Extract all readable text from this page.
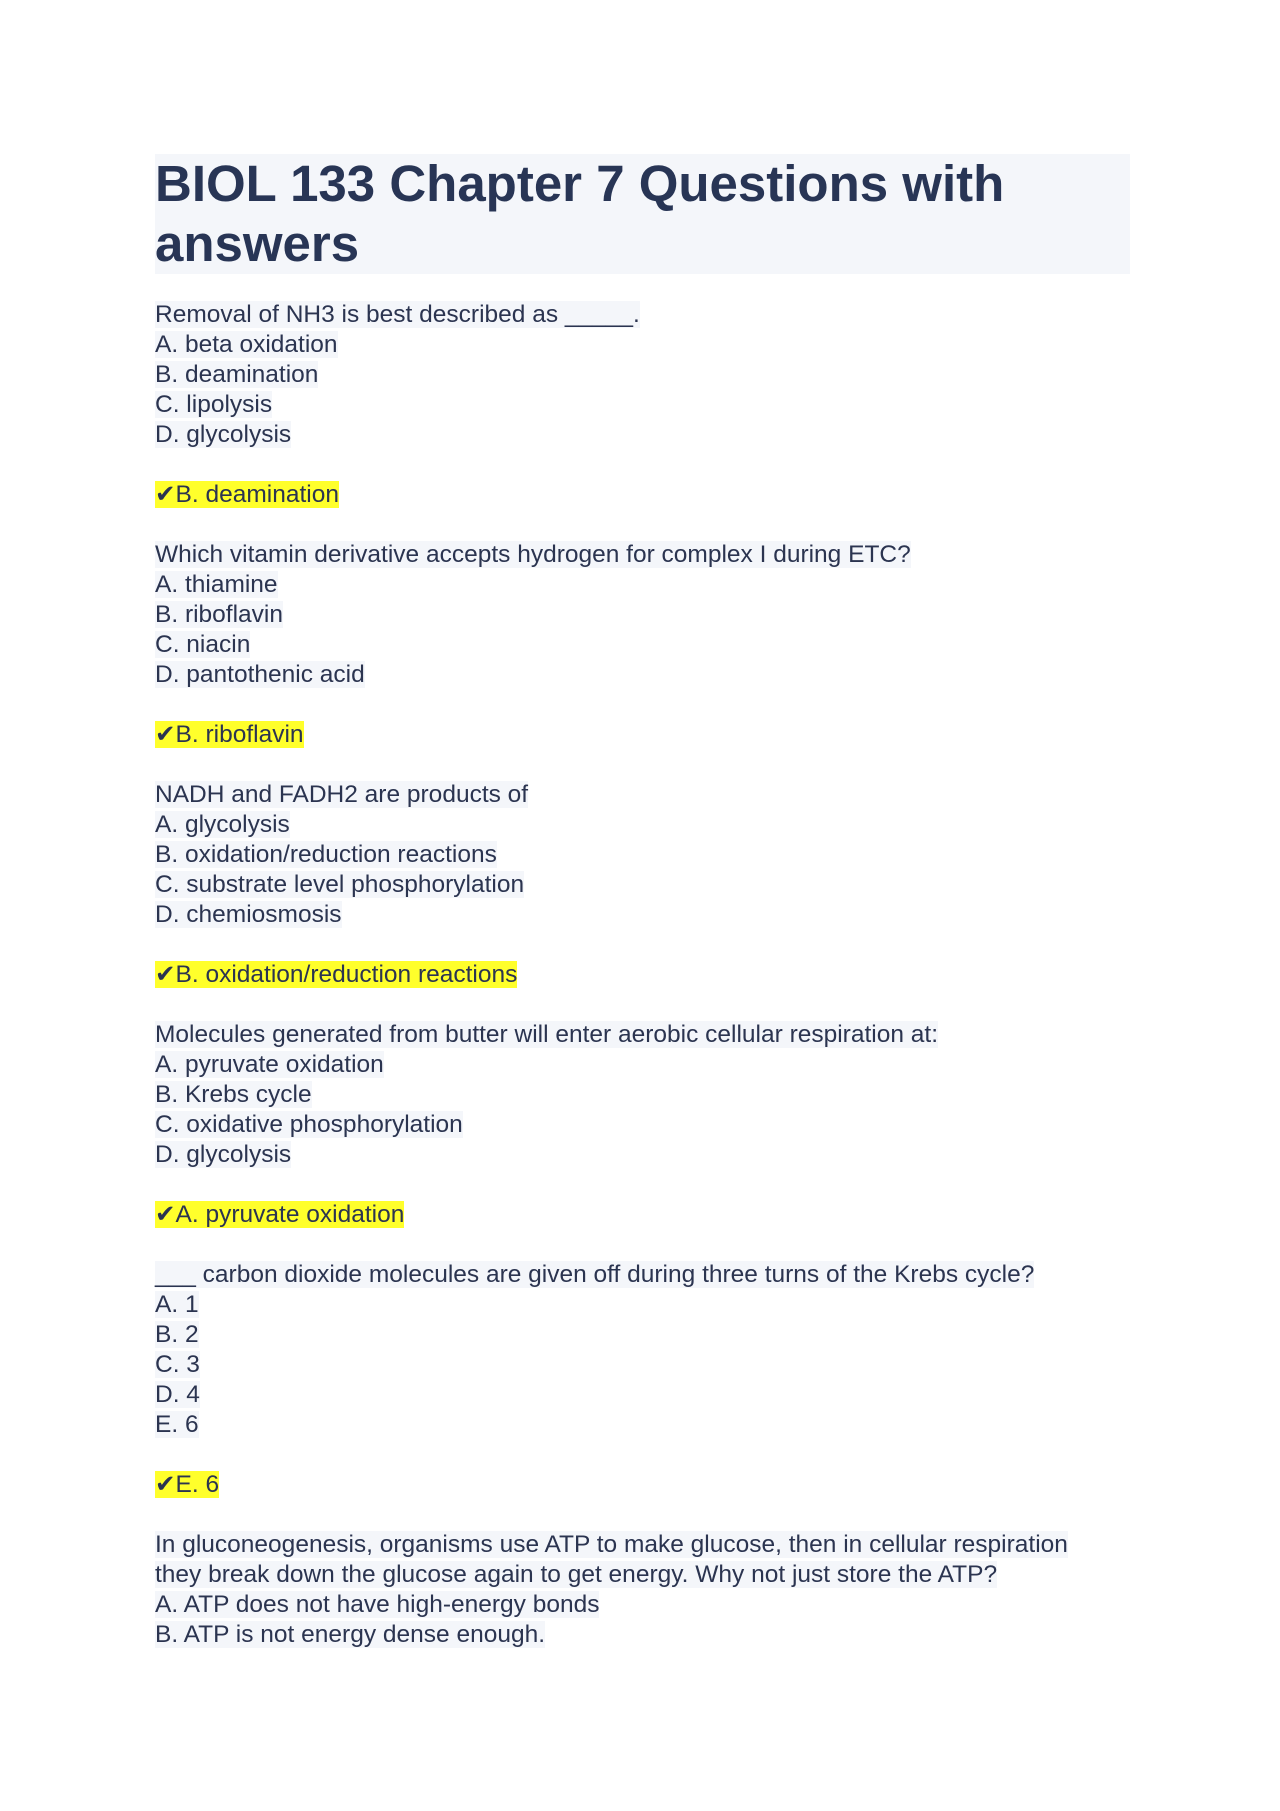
BIOL 133 Chapter 7 Questions with answers
Removal of NH3 is best described as _____.
A. beta oxidation
B. deamination
C. lipolysis
D. glycolysis
✔B. deamination
Which vitamin derivative accepts hydrogen for complex I during ETC?
A. thiamine
B. riboflavin
C. niacin
D. pantothenic acid
✔B. riboflavin
NADH and FADH2 are products of
A. glycolysis
B. oxidation/reduction reactions
C. substrate level phosphorylation
D. chemiosmosis
✔B. oxidation/reduction reactions
Molecules generated from butter will enter aerobic cellular respiration at:
A. pyruvate oxidation
B. Krebs cycle
C. oxidative phosphorylation
D. glycolysis
✔A. pyruvate oxidation
___ carbon dioxide molecules are given off during three turns of the Krebs cycle?
A. 1
B. 2
C. 3
D. 4
E. 6
✔E. 6
In gluconeogenesis, organisms use ATP to make glucose, then in cellular respiration
they break down the glucose again to get energy. Why not just store the ATP?
A. ATP does not have high-energy bonds
B. ATP is not energy dense enough.
